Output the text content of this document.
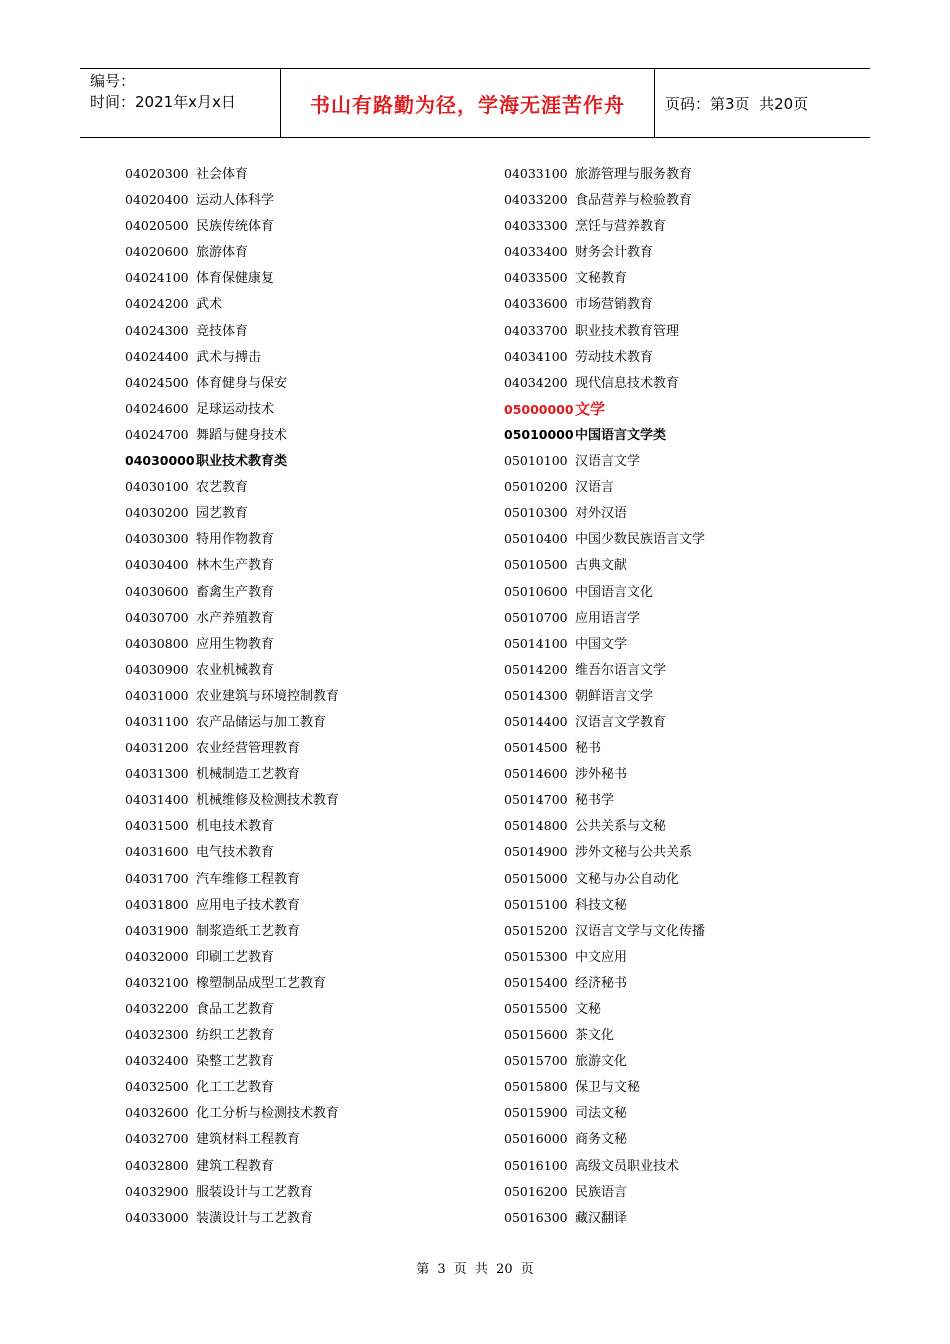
编号：
时间：2021年x月x日	书山有路勤为径，学海无涯苦作舟	页码：第3页  共20页
04020300 社会体育
04020400 运动人体科学
04020500 民族传统体育
04020600 旅游体育
04024100 体育保健康复
04024200 武术
04024300 竞技体育
04024400 武术与搏击
04024500 体育健身与保安
04024600 足球运动技术
04024700 舞蹈与健身技术
04030000职业技术教育类
04030100 农艺教育
04030200 园艺教育
04030300 特用作物教育
04030400 林木生产教育
04030600 畜禽生产教育
04030700 水产养殖教育
04030800 应用生物教育
04030900 农业机械教育
04031000 农业建筑与环境控制教育
04031100 农产品储运与加工教育
04031200 农业经营管理教育
04031300 机械制造工艺教育
04031400 机械维修及检测技术教育
04031500 机电技术教育
04031600 电气技术教育
04031700 汽车维修工程教育
04031800 应用电子技术教育
04031900 制浆造纸工艺教育
04032000 印刷工艺教育
04032100 橡塑制品成型工艺教育
04032200 食品工艺教育
04032300 纺织工艺教育
04032400 染整工艺教育
04032500 化工工艺教育
04032600 化工分析与检测技术教育
04032700 建筑材料工程教育
04032800 建筑工程教育
04032900 服装设计与工艺教育
04033000 装潢设计与工艺教育
04033100 旅游管理与服务教育
04033200 食品营养与检验教育
04033300 烹饪与营养教育
04033400 财务会计教育
04033500 文秘教育
04033600 市场营销教育
04033700 职业技术教育管理
04034100 劳动技术教育
04034200 现代信息技术教育
05000000文学
05010000中国语言文学类
05010100 汉语言文学
05010200 汉语言
05010300 对外汉语
05010400 中国少数民族语言文学
05010500 古典文献
05010600 中国语言文化
05010700 应用语言学
05014100 中国文学
05014200 维吾尔语言文学
05014300 朝鲜语言文学
05014400 汉语言文学教育
05014500 秘书
05014600 涉外秘书
05014700 秘书学
05014800 公共关系与文秘
05014900 涉外文秘与公共关系
05015000 文秘与办公自动化
05015100 科技文秘
05015200 汉语言文学与文化传播
05015300 中文应用
05015400 经济秘书
05015500 文秘
05015600 茶文化
05015700 旅游文化
05015800 保卫与文秘
05015900 司法文秘
05016000 商务文秘
05016100 高级文员职业技术
05016200 民族语言
05016300 藏汉翻译
第 3 页 共 20 页
